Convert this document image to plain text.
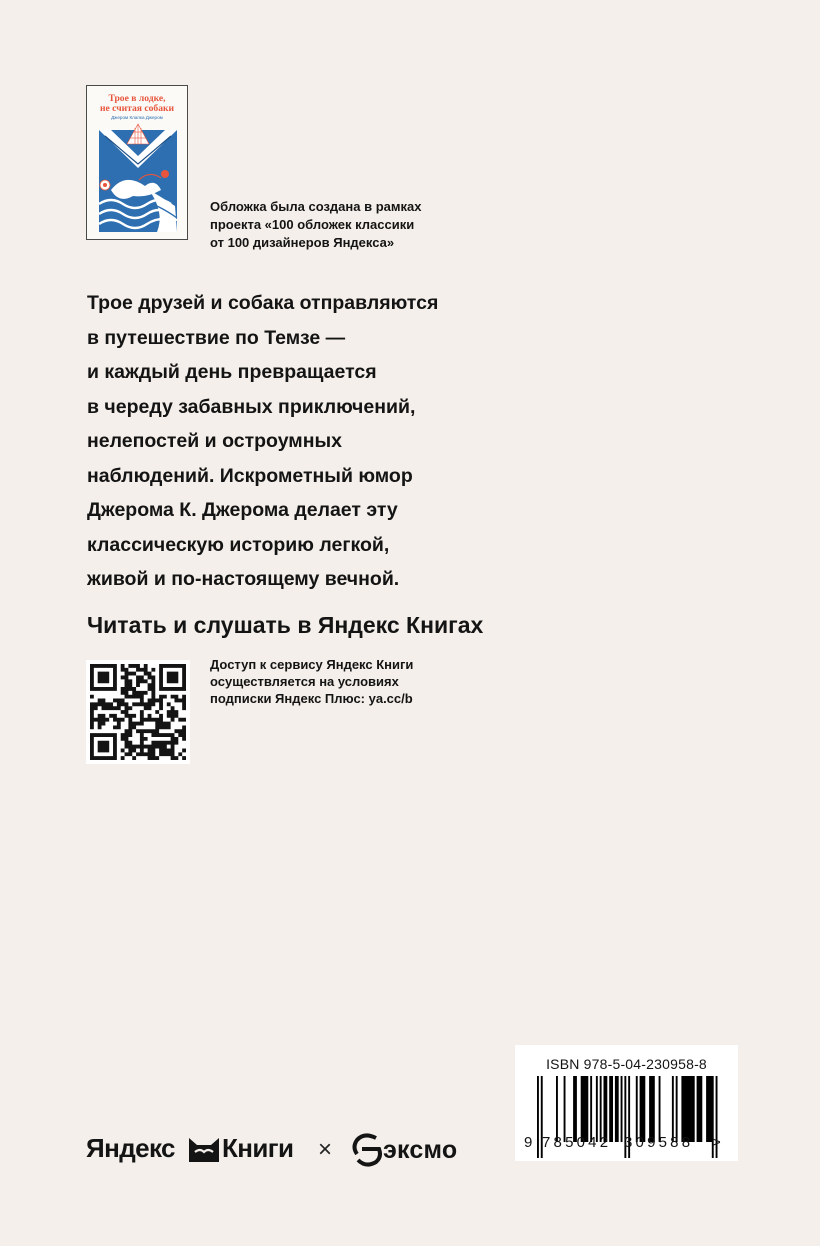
Трое в лодке,
не считая собаки
Джером Клапка Джером
Обложка была создана в рамках
проекта «100 обложек классики
от 100 дизайнеров Яндекса»
Трое друзей и собака отправляются
в путешествие по Темзе —
и каждый день превращается
в череду забавных приключений,
нелепостей и остроумных
наблюдений. Искрометный юмор
Джерома К. Джерома делает эту
классическую историю легкой,
живой и по-настоящему вечной.
Читать и слушать в Яндекс Книгах
Доступ к сервису Яндекс Книги
осуществляется на условиях
подписки Яндекс Плюс: ya.cc/b
ISBN 978-5-04-230958-8
9 785042 309588 >
Яндекс Книги × эксмо
